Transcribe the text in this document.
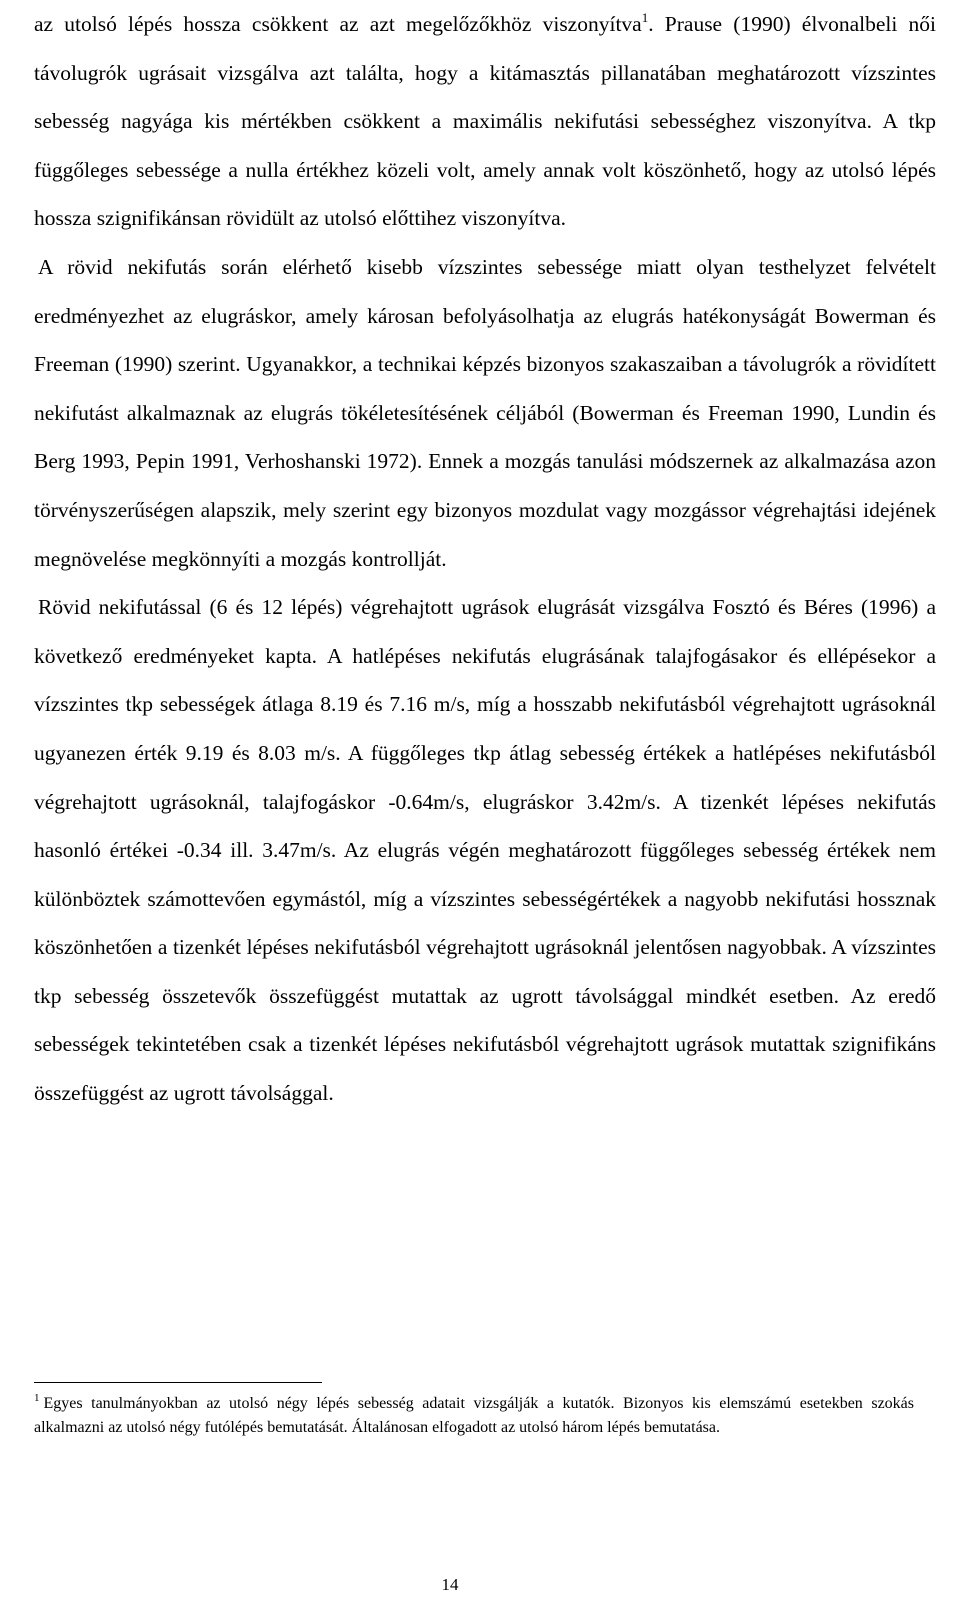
az utolsó lépés hossza csökkent az azt megelőzőkhöz viszonyítva$^1$. Prause (1990) élvonalbeli női távolugrók ugrásait vizsgálva azt találta, hogy a kitámasztás pillanatában meghatározott vízszintes sebesség nagyága kis mértékben csökkent a maximális nekifutási sebességhez viszonyítva. A tkp függőleges sebessége a nulla értékhez közeli volt, amely annak volt köszönhető, hogy az utolsó lépés hossza szignifikánsan rövidült az utolsó előttihez viszonyítva.

A rövid nekifutás során elérhető kisebb vízszintes sebessége miatt olyan testhelyzet felvételt eredményezhet az elugráskor, amely károsan befolyásolhatja az elugrás hatékonyságát Bowerman és Freeman (1990) szerint. Ugyanakkor, a technikai képzés bizonyos szakaszaiban a távolugrók a rövidített nekifutást alkalmaznak az elugrás tökéletesítésének céljából (Bowerman és Freeman 1990, Lundin és Berg 1993, Pepin 1991, Verhoshanski 1972). Ennek a mozgás tanulási módszernek az alkalmazása azon törvényszerűségen alapszik, mely szerint egy bizonyos mozdulat vagy mozgássor végrehajtási idejének megnövelése megkönnyíti a mozgás kontrollját.

Rövid nekifutással (6 és 12 lépés) végrehajtott ugrások elugrását vizsgálva Fosztó és Béres (1996) a következő eredményeket kapta. A hatlépéses nekifutás elugrásának talajfogásakor és ellépésekor a vízszintes tkp sebességek átlaga 8.19 és 7.16 m/s, míg a hosszabb nekifutásból végrehajtott ugrásoknál ugyanezen érték 9.19 és 8.03 m/s. A függőleges tkp átlag sebesség értékek a hatlépéses nekifutásból végrehajtott ugrásoknál, talajfogáskor -0.64m/s, elugráskor 3.42m/s. A tizenkét lépéses nekifutás hasonló értékei -0.34 ill. 3.47m/s. Az elugrás végén meghatározott függőleges sebesség értékek nem különböztek számottevően egymástól, míg a vízszintes sebességértékek a nagyobb nekifutási hossznak köszönhetően a tizenkét lépéses nekifutásból végrehajtott ugrásoknál jelentősen nagyobbak. A vízszintes tkp sebesség összetevők összefüggést mutattak az ugrott távolsággal mindkét esetben. Az eredő sebességek tekintetében csak a tizenkét lépéses nekifutásból végrehajtott ugrások mutattak szignifikáns összefüggést az ugrott távolsággal.

$^1$ Egyes tanulmányokban az utolsó négy lépés sebesség adatait vizsgálják a kutatók. Bizonyos kis elemszámú esetekben szokás alkalmazni az utolsó négy futólépés bemutatását. Általánosan elfogadott az utolsó három lépés bemutatása.
14
